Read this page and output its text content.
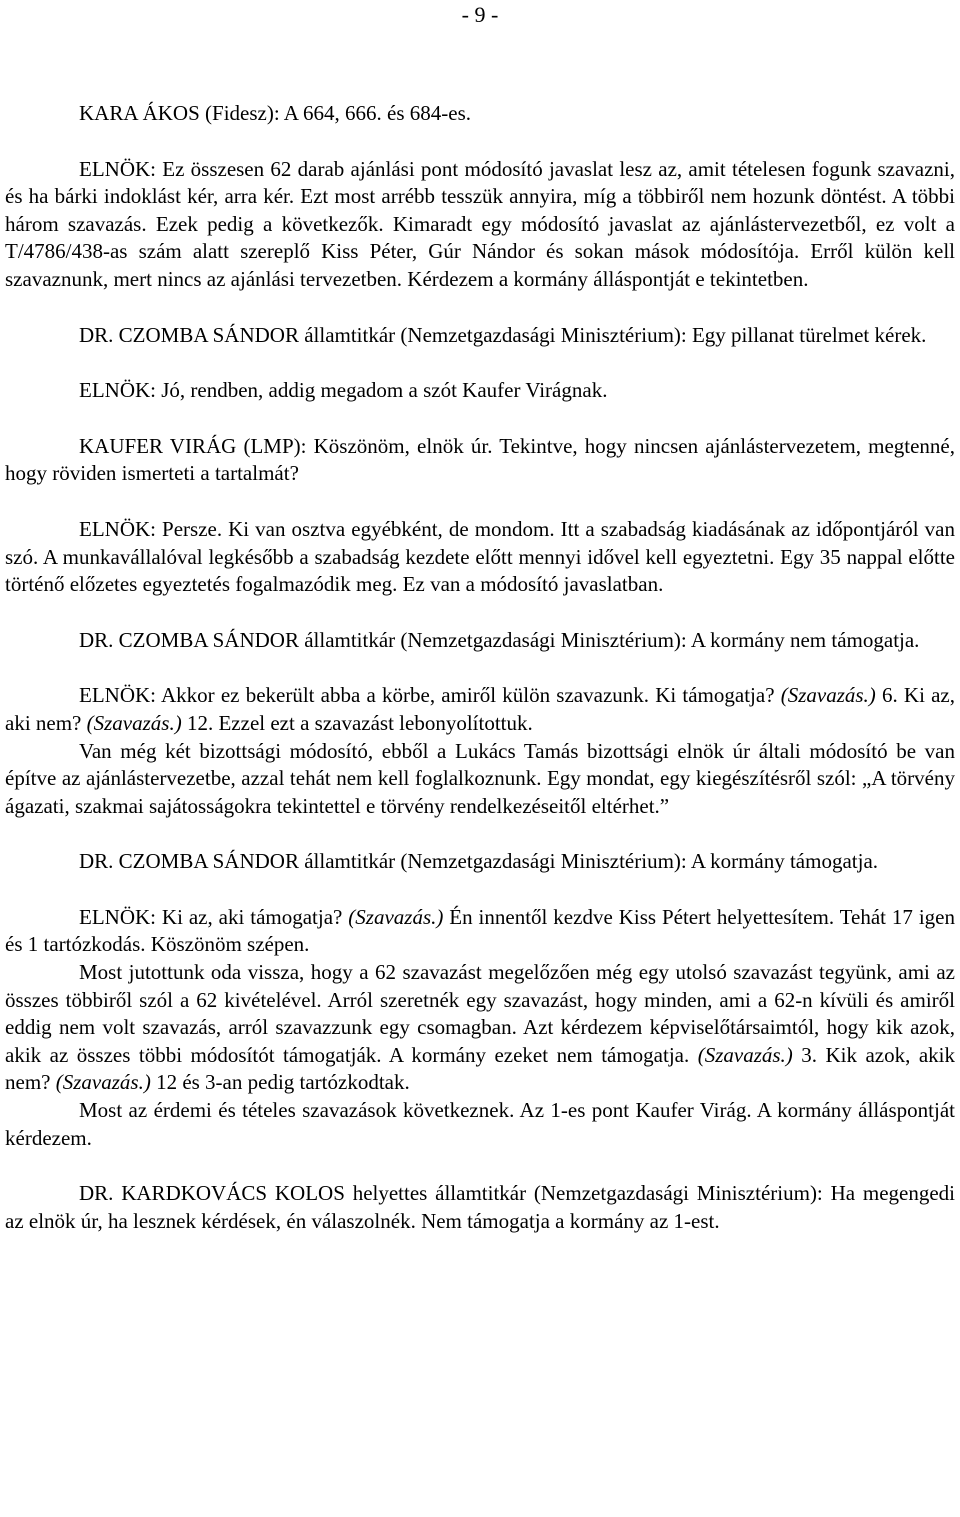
- 9 -

KARA ÁKOS (Fidesz): A 664, 666. és 684-es.

ELNÖK: Ez összesen 62 darab ajánlási pont módosító javaslat lesz az, amit tételesen fogunk szavazni, és ha bárki indoklást kér, arra kér. Ezt most arrébb tesszük annyira, míg a többiről nem hozunk döntést. A többi három szavazás. Ezek pedig a következők. Kimaradt egy módosító javaslat az ajánlástervezetből, ez volt a T/4786/438-as szám alatt szereplő Kiss Péter, Gúr Nándor és sokan mások módosítója. Erről külön kell szavaznunk, mert nincs az ajánlási tervezetben. Kérdezem a kormány álláspontját e tekintetben.

DR. CZOMBA SÁNDOR államtitkár (Nemzetgazdasági Minisztérium): Egy pillanat türelmet kérek.

ELNÖK: Jó, rendben, addig megadom a szót Kaufer Virágnak.

KAUFER VIRÁG (LMP): Köszönöm, elnök úr. Tekintve, hogy nincsen ajánlástervezetem, megtenné, hogy röviden ismerteti a tartalmát?

ELNÖK: Persze. Ki van osztva egyébként, de mondom. Itt a szabadság kiadásának az időpontjáról van szó. A munkavállalóval legkésőbb a szabadság kezdete előtt mennyi idővel kell egyeztetni. Egy 35 nappal előtte történő előzetes egyeztetés fogalmazódik meg. Ez van a módosító javaslatban.

DR. CZOMBA SÁNDOR államtitkár (Nemzetgazdasági Minisztérium): A kormány nem támogatja.

ELNÖK: Akkor ez bekerült abba a körbe, amiről külön szavazunk. Ki támogatja? (Szavazás.) 6. Ki az, aki nem? (Szavazás.) 12. Ezzel ezt a szavazást lebonyolítottuk.

Van még két bizottsági módosító, ebből a Lukács Tamás bizottsági elnök úr általi módosító be van építve az ajánlástervezetbe, azzal tehát nem kell foglalkoznunk. Egy mondat, egy kiegészítésről szól: „A törvény ágazati, szakmai sajátosságokra tekintettel e törvény rendelkezéseitől eltérhet.”

DR. CZOMBA SÁNDOR államtitkár (Nemzetgazdasági Minisztérium): A kormány támogatja.

ELNÖK: Ki az, aki támogatja? (Szavazás.) Én innentől kezdve Kiss Pétert helyettesítem. Tehát 17 igen és 1 tartózkodás. Köszönöm szépen.

Most jutottunk oda vissza, hogy a 62 szavazást megelőzően még egy utolsó szavazást tegyünk, ami az összes többiről szól a 62 kivételével. Arról szeretnék egy szavazást, hogy minden, ami a 62-n kívüli és amiről eddig nem volt szavazás, arról szavazzunk egy csomagban. Azt kérdezem képviselőtársaimtól, hogy kik azok, akik az összes többi módosítót támogatják. A kormány ezeket nem támogatja. (Szavazás.) 3. Kik azok, akik nem? (Szavazás.) 12 és 3-an pedig tartózkodtak.

Most az érdemi és tételes szavazások következnek. Az 1-es pont Kaufer Virág. A kormány álláspontját kérdezem.

DR. KARDKOVÁCS KOLOS helyettes államtitkár (Nemzetgazdasági Minisztérium): Ha megengedi az elnök úr, ha lesznek kérdések, én válaszolnék. Nem támogatja a kormány az 1-est.
